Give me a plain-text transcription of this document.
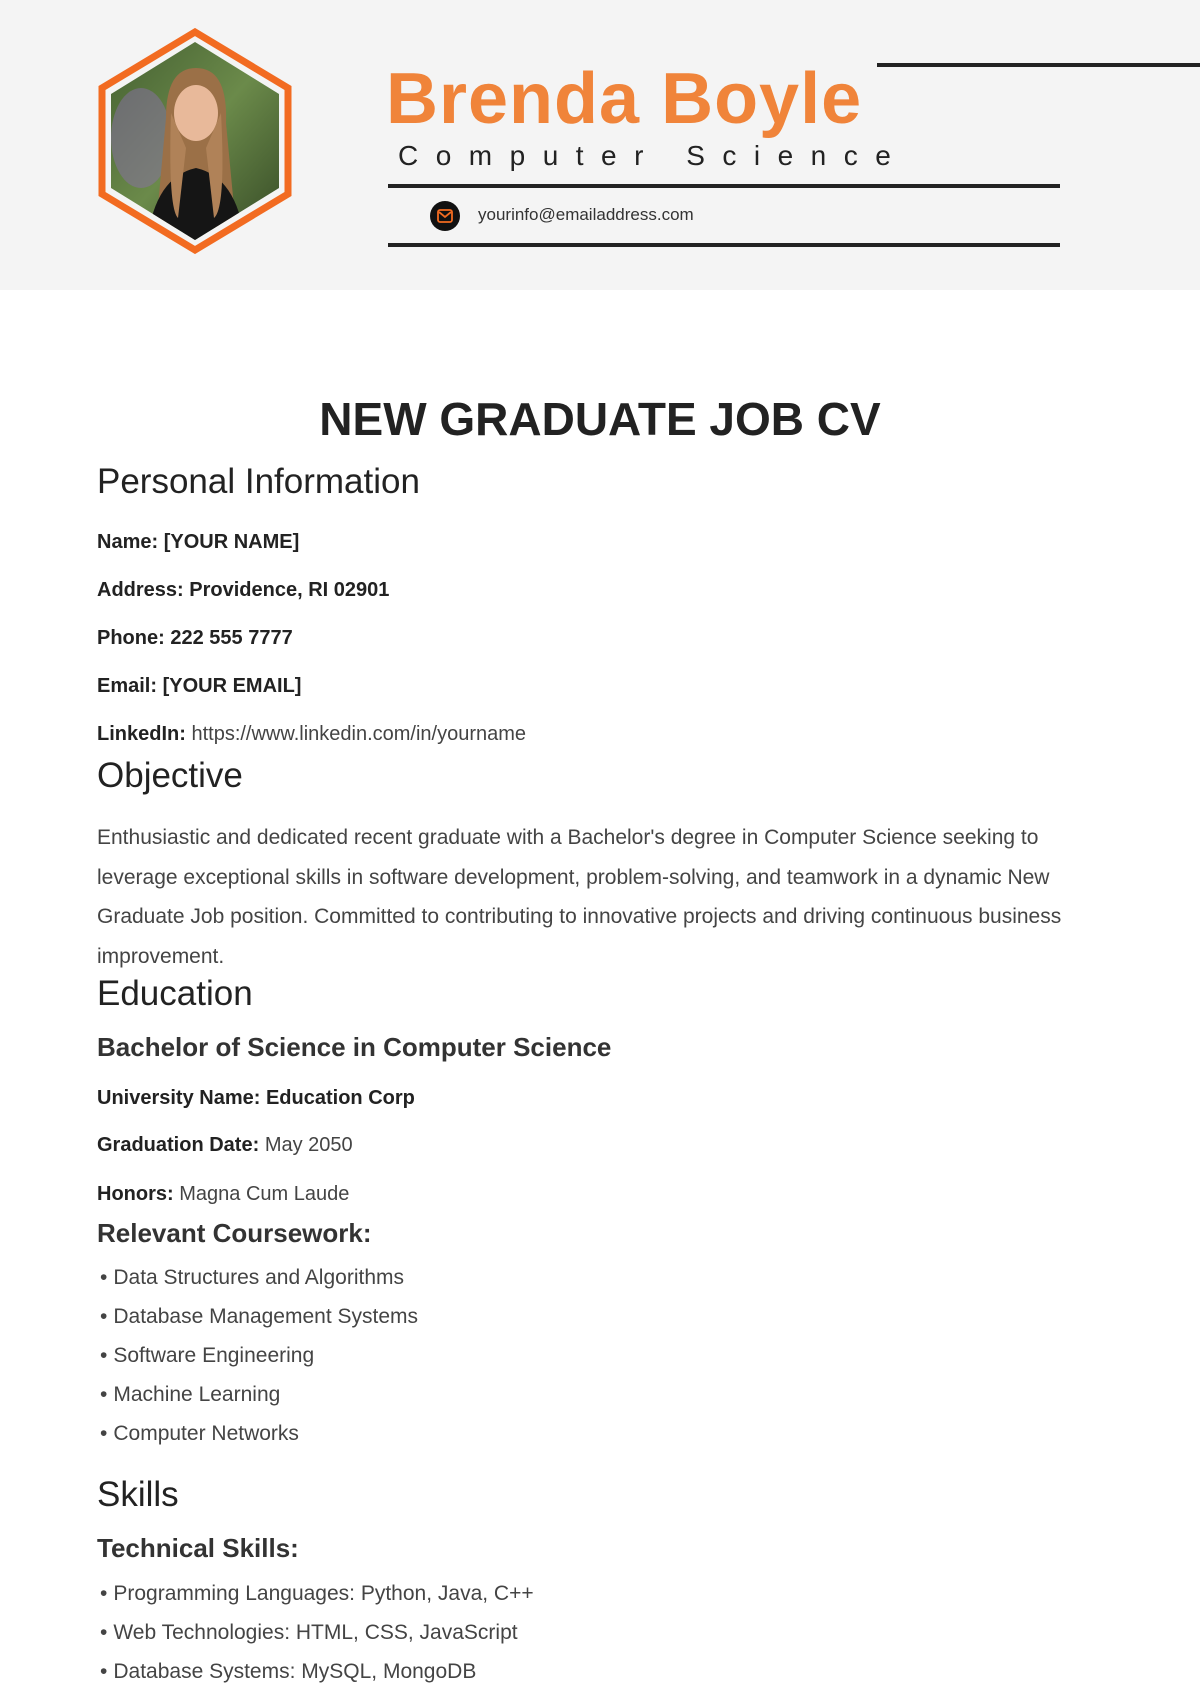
Brenda Boyle
Computer Science
yourinfo@emailaddress.com
NEW GRADUATE JOB CV
Personal Information
Name: [YOUR NAME]
Address: Providence, RI 02901
Phone: 222 555 7777
Email: [YOUR EMAIL]
LinkedIn: https://www.linkedin.com/in/yourname
Objective
Enthusiastic and dedicated recent graduate with a Bachelor's degree in Computer Science seeking to leverage exceptional skills in software development, problem-solving, and teamwork in a dynamic New Graduate Job position. Committed to contributing to innovative projects and driving continuous business improvement.
Education
Bachelor of Science in Computer Science
University Name: Education Corp
Graduation Date: May 2050
Honors: Magna Cum Laude
Relevant Coursework:
• Data Structures and Algorithms
• Database Management Systems
• Software Engineering
• Machine Learning
• Computer Networks
Skills
Technical Skills:
• Programming Languages: Python, Java, C++
• Web Technologies: HTML, CSS, JavaScript
• Database Systems: MySQL, MongoDB
